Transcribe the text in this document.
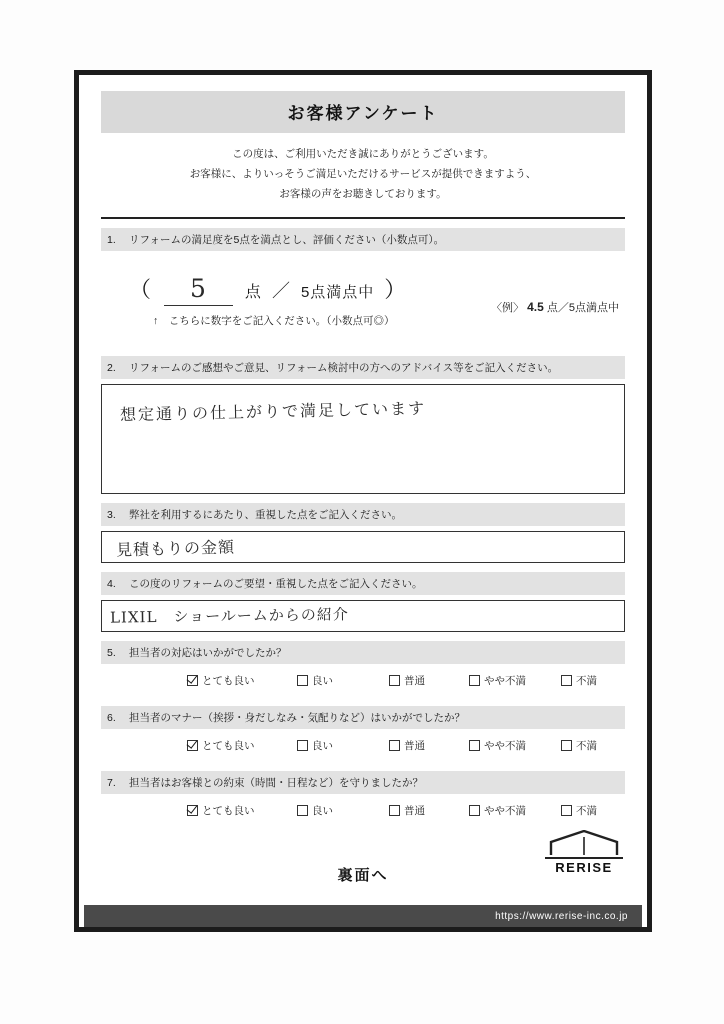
お客様アンケート
この度は、ご利用いただき誠にありがとうございます。
お客様に、よりいっそうご満足いただけるサービスが提供できますよう、
お客様の声をお聴きしております。
1.	リフォームの満足度を5点を満点とし、評価ください（小数点可）。
（	5	点 ／ 5点満点中 ）
↑　こちらに数字をご記入ください。（小数点可◎）
〈例〉 4.5 点／5点満点中
2.	リフォームのご感想やご意見、リフォーム検討中の方へのアドバイス等をご記入ください。
想定通りの仕上がりで満足しています
3.	弊社を利用するにあたり、重視した点をご記入ください。
見積もりの金額
4.	この度のリフォームのご要望・重視した点をご記入ください。
LIXIL　ショールームからの紹介
5.	担当者の対応はいかがでしたか？
とても良い	良い	普通	やや不満	不満
6.	担当者のマナー（挨拶・身だしなみ・気配りなど）はいかがでしたか？
とても良い	良い	普通	やや不満	不満
7.	担当者はお客様との約束（時間・日程など）を守りましたか？
とても良い	良い	普通	やや不満	不満
裏面へ	RERISE
https://www.rerise-inc.co.jp
